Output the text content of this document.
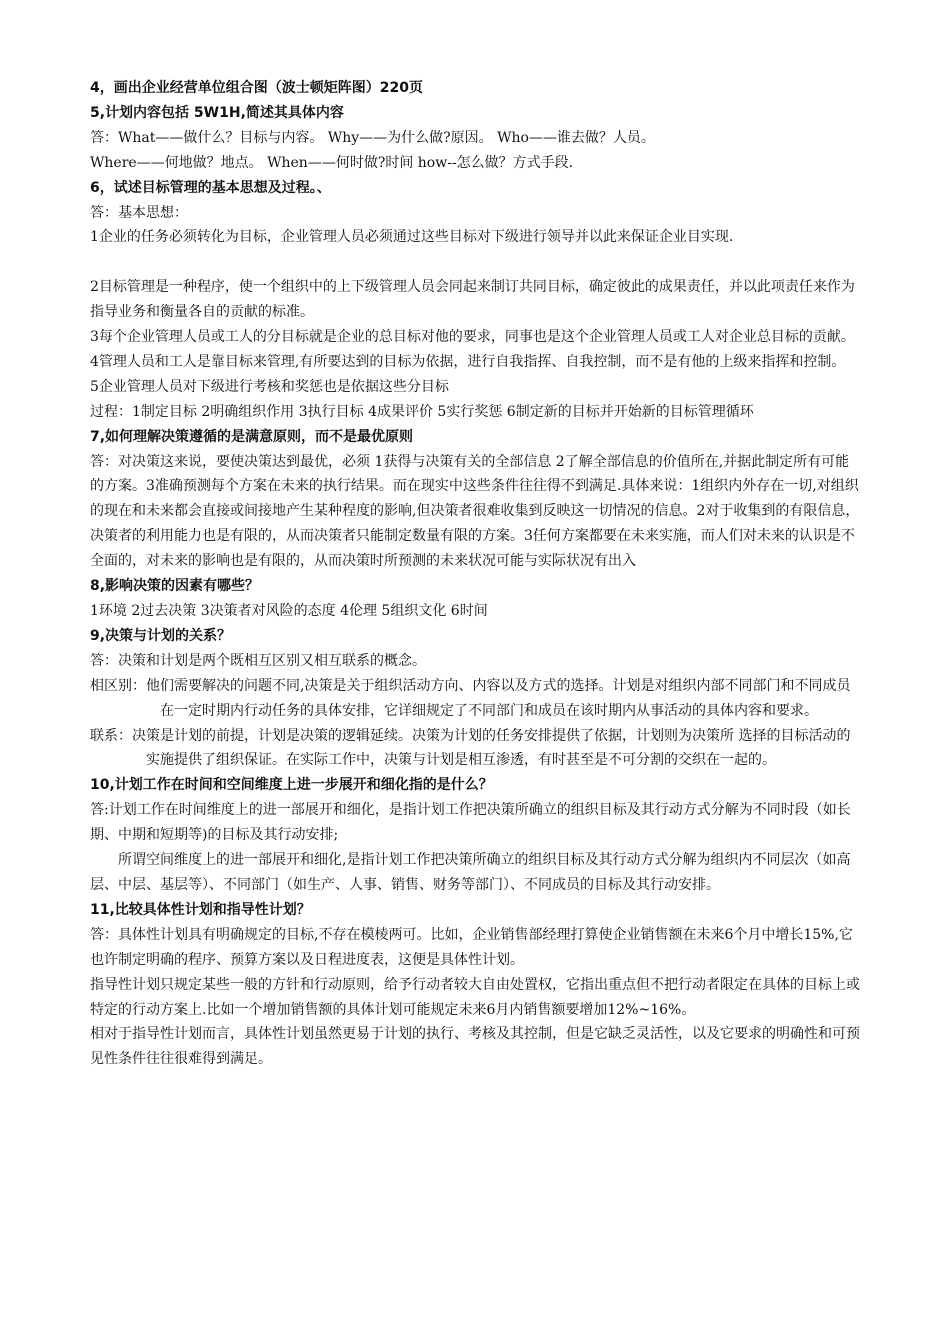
4，画出企业经营单位组合图（波士顿矩阵图）220页

5,计划内容包括 5W1H,简述其具体内容

答：What——做什么？目标与内容。 Why——为什么做?原因。 Who——谁去做？人员。

Where——何地做？地点。 When——何时做?时间 how--怎么做？方式手段.

6，试述目标管理的基本思想及过程。、

答：基本思想：

1企业的任务必须转化为目标，企业管理人员必须通过这些目标对下级进行领导并以此来保证企业目实现.

2目标管理是一种程序，使一个组织中的上下级管理人员会同起来制订共同目标，确定彼此的成果责任，并以此项责任来作为指导业务和衡量各自的贡献的标准。

3每个企业管理人员或工人的分目标就是企业的总目标对他的要求，同事也是这个企业管理人员或工人对企业总目标的贡献。

4管理人员和工人是靠目标来管理,有所要达到的目标为依据，进行自我指挥、自我控制，而不是有他的上级来指挥和控制。

5企业管理人员对下级进行考核和奖惩也是依据这些分目标

过程：1制定目标 2明确组织作用 3执行目标 4成果评价 5实行奖惩 6制定新的目标并开始新的目标管理循环

7,如何理解决策遵循的是满意原则，而不是最优原则

答：对决策这来说，要使决策达到最优，必须 1获得与决策有关的全部信息 2了解全部信息的价值所在,并据此制定所有可能的方案。3准确预测每个方案在未来的执行结果。而在现实中这些条件往往得不到满足.具体来说：1组织内外存在一切,对组织的现在和未来都会直接或间接地产生某种程度的影响,但决策者很难收集到反映这一切情况的信息。2对于收集到的有限信息，决策者的利用能力也是有限的，从而决策者只能制定数量有限的方案。3任何方案都要在未来实施，而人们对未来的认识是不全面的，对未来的影响也是有限的，从而决策时所预测的未来状况可能与实际状况有出入

8,影响决策的因素有哪些？

1环境 2过去决策 3决策者对风险的态度 4伦理 5组织文化 6时间

9,决策与计划的关系？

答：决策和计划是两个既相互区别又相互联系的概念。

相区别：他们需要解决的问题不同,决策是关于组织活动方向、内容以及方式的选择。计划是对组织内部不同部门和不同成员在一定时期内行动任务的具体安排，它详细规定了不同部门和成员在该时期内从事活动的具体内容和要求。

联系：决策是计划的前提，计划是决策的逻辑延续。决策为计划的任务安排提供了依据，计划则为决策所 选择的目标活动的实施提供了组织保证。在实际工作中，决策与计划是相互渗透，有时甚至是不可分割的交织在一起的。

10,计划工作在时间和空间维度上进一步展开和细化指的是什么？

答:计划工作在时间维度上的进一部展开和细化，是指计划工作把决策所确立的组织目标及其行动方式分解为不同时段（如长期、中期和短期等)的目标及其行动安排;

所谓空间维度上的进一部展开和细化,是指计划工作把决策所确立的组织目标及其行动方式分解为组织内不同层次（如高层、中层、基层等）、不同部门（如生产、人事、销售、财务等部门）、不同成员的目标及其行动安排。

11,比较具体性计划和指导性计划？

答：具体性计划具有明确规定的目标,不存在模棱两可。比如，企业销售部经理打算使企业销售额在未来6个月中增长15%,它也许制定明确的程序、预算方案以及日程进度表，这便是具体性计划。

指导性计划只规定某些一般的方针和行动原则，给予行动者较大自由处置权，它指出重点但不把行动者限定在具体的目标上或特定的行动方案上.比如一个增加销售额的具体计划可能规定未来6月内销售额要增加12%~16%。

相对于指导性计划而言，具体性计划虽然更易于计划的执行、考核及其控制，但是它缺乏灵活性，以及它要求的明确性和可预见性条件往往很难得到满足。
